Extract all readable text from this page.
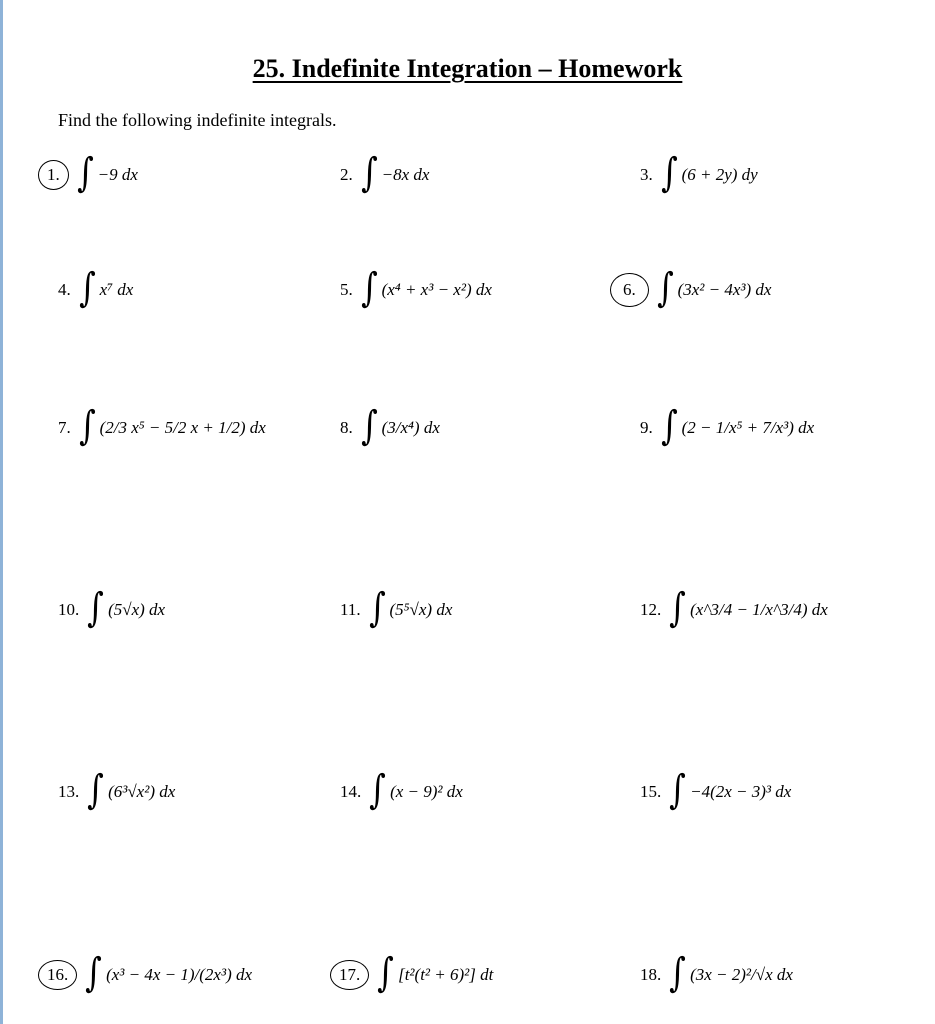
25. Indefinite Integration – Homework
Find the following indefinite integrals.
1. ∫ −9 dx	2. ∫ −8x dx	3. ∫ (6 + 2y) dy
4. ∫ x⁷ dx	5. ∫ (x⁴ + x³ − x²) dx	6. ∫ (3x² − 4x³) dx
7. ∫ (2/3 x⁵ − 5/2 x + 1/2) dx	8. ∫ (3/x⁴) dx	9. ∫ (2 − 1/x⁵ + 7/x³) dx
10. ∫ (5√x) dx	11. ∫ (5⁵√x) dx	12. ∫ (x^3/4 − 1/x^3/4) dx
13. ∫ (6³√x²) dx	14. ∫ (x − 9)² dx	15. ∫ −4(2x − 3)³ dx
16. ∫ (x³ − 4x − 1)/(2x³) dx	17. ∫ [t²(t² + 6)²] dt	18. ∫ (3x − 2)²/√x dx
